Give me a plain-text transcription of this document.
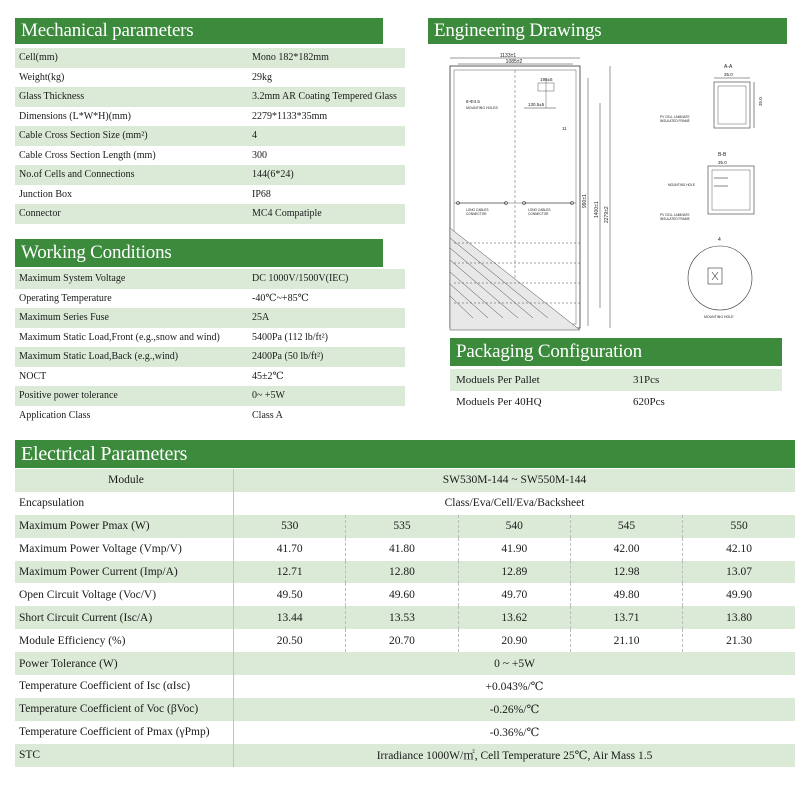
Mechanical parameters
Cell(mm)	Mono 182*182mm
Weight(kg)	29kg
Glass Thickness	3.2mm AR Coating Tempered Glass
Dimensions (L*W*H)(mm)	2279*1133*35mm
Cable Cross Section Size (mm²)	4
Cable Cross Section Length (mm)	300
No.of Cells and Connections	144(6*24)
Junction Box	IP68
Connector	MC4 Compatiple
Working Conditions
Maximum System Voltage	DC 1000V/1500V(IEC)
Operating Temperature	-40℃~+85℃
Maximum Series Fuse	25A
Maximum Static Load,Front (e.g.,snow and wind)	5400Pa (112 lb/ft²)
Maximum Static Load,Back (e.g.,wind)	2400Pa (50 lb/ft²)
NOCT	45±2℃
Positive power tolerance	0~ +5W
Application Class	Class A
Engineering Drawings
1133±1
1085±2
195±5
130.5±5
8-Φ4.5
MOUNTING HOLES
11
990±1
1400±1 2279±2
LONG CABLES
CONNECTOR
LONG CABLES
CONNECTOR
A-A
35.0
35.0
PV CELL LAMINATE
INSULATED FRAME
B-B
35.0
MOUNTING HOLE
PV CELL LAMINATE
INSULATED FRAME
4
MOUNTING HOLE
Packaging Configuration
Moduels Per Pallet	31Pcs
Moduels Per 40HQ	620Pcs
Electrical Parameters
Module	SW530M-144 ~ SW550M-144				
Encapsulation	Class/Eva/Cell/Eva/Backsheet				
Maximum Power Pmax (W)	530	535	540	545	550
Maximum Power Voltage (Vmp/V)	41.70	41.80	41.90	42.00	42.10
Maximum Power Current (Imp/A)	12.71	12.80	12.89	12.98	13.07
Open Circuit Voltage (Voc/V)	49.50	49.60	49.70	49.80	49.90
Short Circuit Current (Isc/A)	13.44	13.53	13.62	13.71	13.80
Module Efficiency (%)	20.50	20.70	20.90	21.10	21.30
Power Tolerance (W)	0 ~ +5W				
Temperature Coefficient of Isc (αIsc)	+0.043%/℃				
Temperature Coefficient of Voc (βVoc)	-0.26%/℃				
Temperature Coefficient of Pmax (γPmp)	-0.36%/℃				
STC	Irradiance 1000W/㎡, Cell Temperature 25℃, Air Mass 1.5				
